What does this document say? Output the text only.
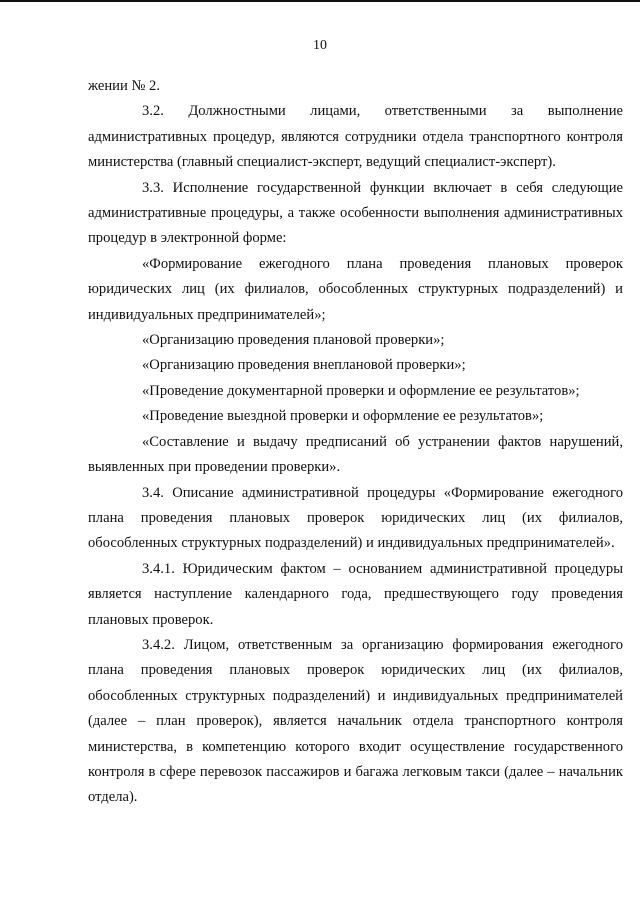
10

жении № 2.

3.2. Должностными лицами, ответственными за выполнение административных процедур, являются сотрудники отдела транспортного контроля министерства (главный специалист-эксперт, ведущий специалист-эксперт).

3.3. Исполнение государственной функции включает в себя следующие административные процедуры, а также особенности выполнения административных процедур в электронной форме:

«Формирование ежегодного плана проведения плановых проверок юридических лиц (их филиалов, обособленных структурных подразделений) и индивидуальных предпринимателей»;

«Организацию проведения плановой проверки»;

«Организацию проведения внеплановой проверки»;

«Проведение документарной проверки и оформление ее результатов»;

«Проведение выездной проверки и оформление ее результатов»;

«Составление и выдачу предписаний об устранении фактов нарушений, выявленных при проведении проверки».

3.4. Описание административной процедуры «Формирование ежегодного плана проведения плановых проверок юридических лиц (их филиалов, обособленных структурных подразделений) и индивидуальных предпринимателей».

3.4.1. Юридическим фактом – основанием административной процедуры является наступление календарного года, предшествующего году проведения плановых проверок.

3.4.2. Лицом, ответственным за организацию формирования ежегодного плана проведения плановых проверок юридических лиц (их филиалов, обособленных структурных подразделений) и индивидуальных предпринимателей (далее – план проверок), является начальник отдела транспортного контроля министерства, в компетенцию которого входит осуществление государственного контроля в сфере перевозок пассажиров и багажа легковым такси (далее – начальник отдела).
